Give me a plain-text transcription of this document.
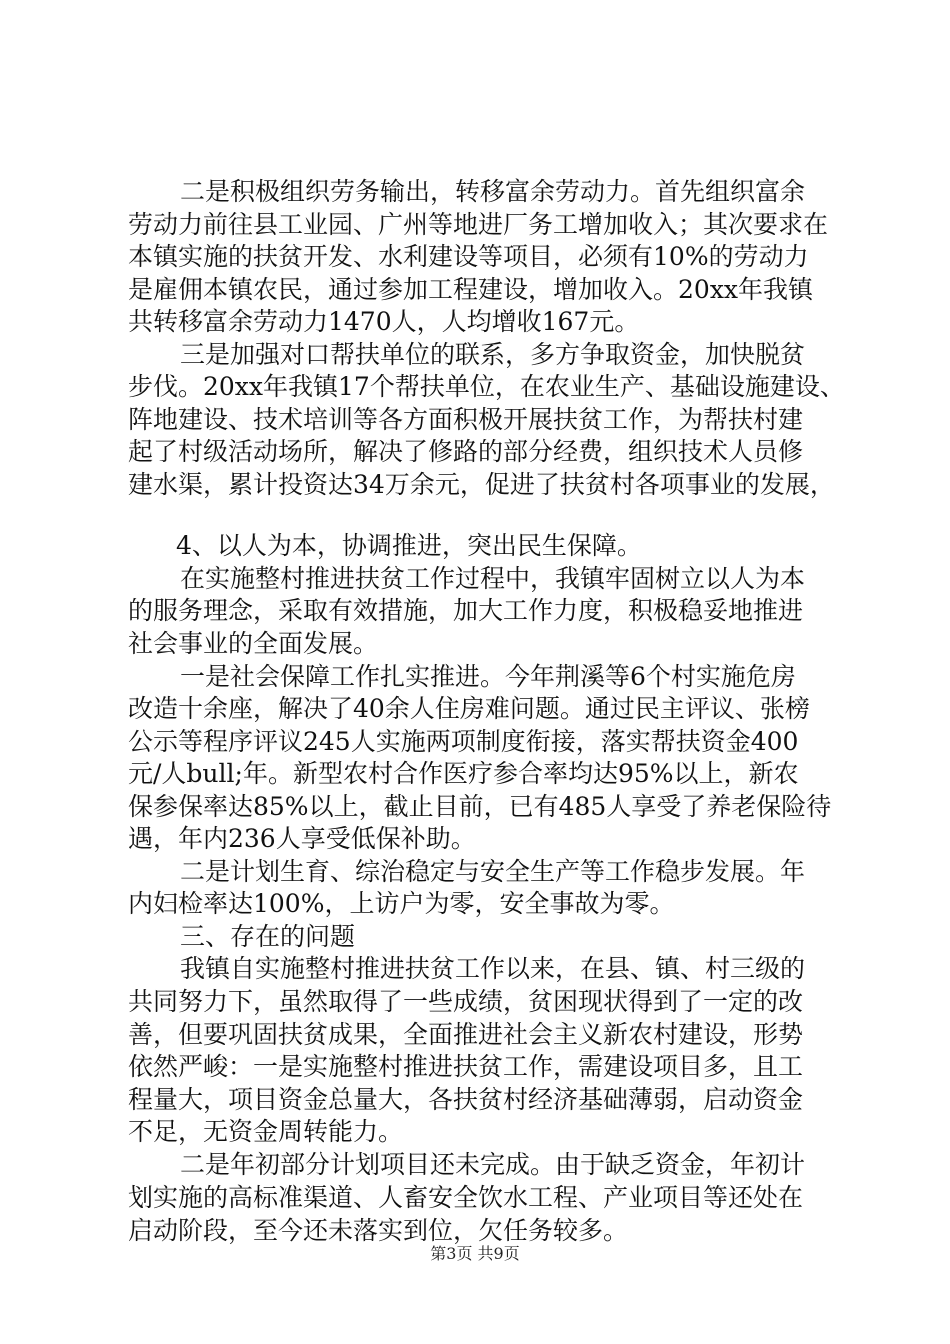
二是积极组织劳务输出，转移富余劳动力。首先组织富余
劳动力前往县工业园、广州等地进厂务工增加收入；其次要求在
本镇实施的扶贫开发、水利建设等项目，必须有10%的劳动力
是雇佣本镇农民，通过参加工程建设，增加收入。20xx年我镇
共转移富余劳动力1470人，人均增收167元。
三是加强对口帮扶单位的联系，多方争取资金，加快脱贫
步伐。20xx年我镇17个帮扶单位，在农业生产、基础设施建设、
阵地建设、技术培训等各方面积极开展扶贫工作，为帮扶村建
起了村级活动场所，解决了修路的部分经费，组织技术人员修
建水渠，累计投资达34万余元，促进了扶贫村各项事业的发展，
4、以人为本，协调推进，突出民生保障。
在实施整村推进扶贫工作过程中，我镇牢固树立以人为本
的服务理念，采取有效措施，加大工作力度，积极稳妥地推进
社会事业的全面发展。
一是社会保障工作扎实推进。今年荆溪等6个村实施危房
改造十余座，解决了40余人住房难问题。通过民主评议、张榜
公示等程序评议245人实施两项制度衔接，落实帮扶资金400
元/人bull;年。新型农村合作医疗参合率均达95%以上，新农
保参保率达85%以上，截止目前，已有485人享受了养老保险待
遇，年内236人享受低保补助。
二是计划生育、综治稳定与安全生产等工作稳步发展。年
内妇检率达100%，上访户为零，安全事故为零。
三、存在的问题
我镇自实施整村推进扶贫工作以来，在县、镇、村三级的
共同努力下，虽然取得了一些成绩，贫困现状得到了一定的改
善，但要巩固扶贫成果，全面推进社会主义新农村建设，形势
依然严峻：一是实施整村推进扶贫工作，需建设项目多，且工
程量大，项目资金总量大，各扶贫村经济基础薄弱，启动资金
不足，无资金周转能力。
二是年初部分计划项目还未完成。由于缺乏资金，年初计
划实施的高标准渠道、人畜安全饮水工程、产业项目等还处在
启动阶段，至今还未落实到位，欠任务较多。
第3页 共9页
